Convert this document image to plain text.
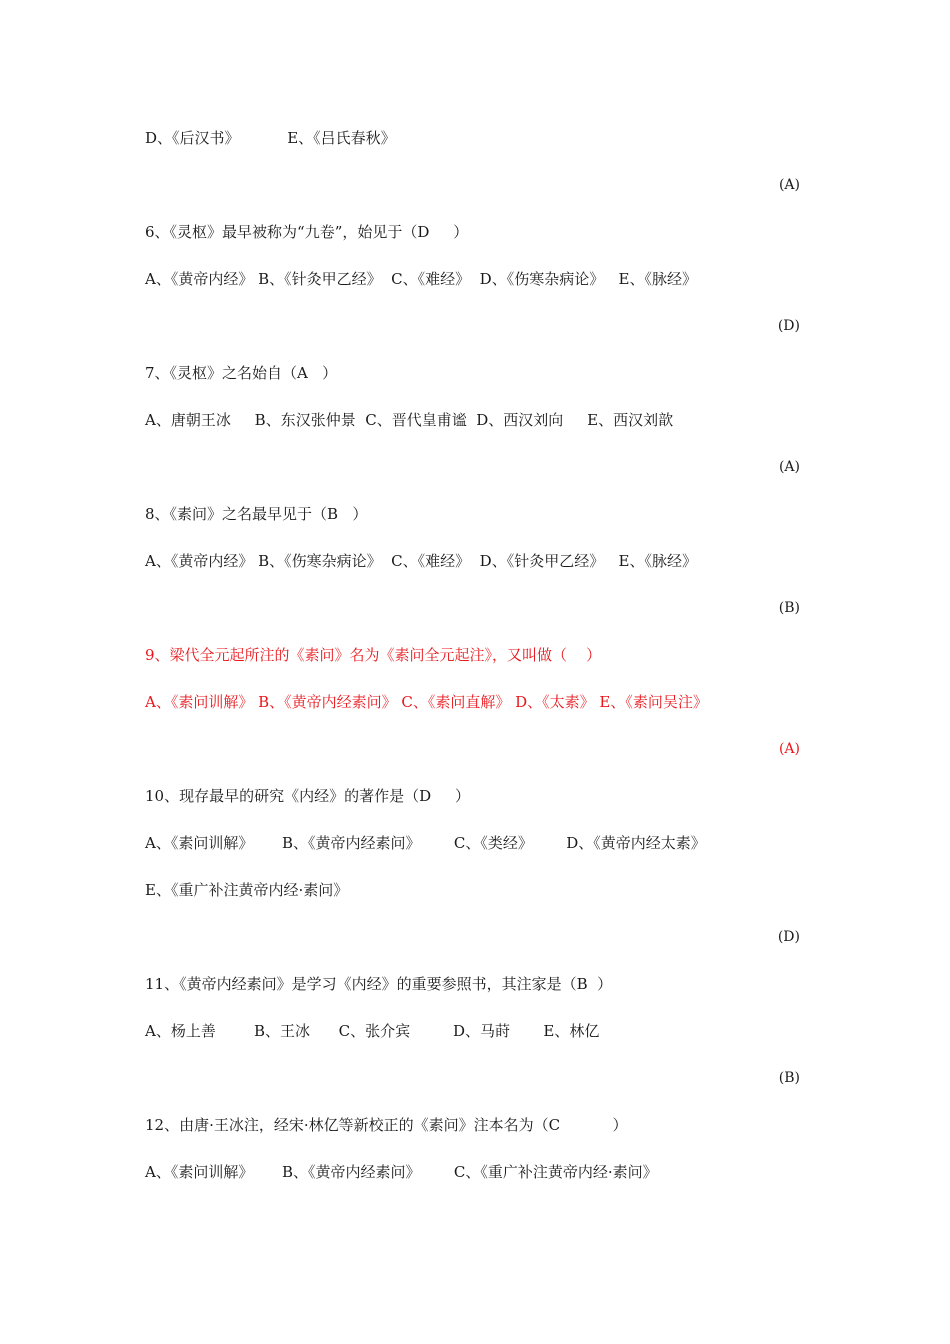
D、《后汉书》          E、《吕氏春秋》
(A)
6、《灵枢》最早被称为“九卷”，始见于（D     ）
A、《黄帝内经》 B、《针灸甲乙经》  C、《难经》  D、《伤寒杂病论》   E、《脉经》
(D)
7、《灵枢》之名始自（A   ）
A、唐朝王冰     B、东汉张仲景  C、晋代皇甫谧  D、西汉刘向     E、西汉刘歆
(A)
8、《素问》之名最早见于（B   ）
A、《黄帝内经》 B、《伤寒杂病论》  C、《难经》  D、《针灸甲乙经》   E、《脉经》
(B)
9、梁代全元起所注的《素问》名为《素问全元起注》，又叫做（    ）
A、《素问训解》 B、《黄帝内经素问》 C、《素问直解》 D、《太素》 E、《素问吴注》
(A)
10、现存最早的研究《内经》的著作是（D     ）
A、《素问训解》      B、《黄帝内经素问》       C、《类经》       D、《黄帝内经太素》
E、《重广补注黄帝内经·素问》
(D)
11、《黄帝内经素问》是学习《内经》的重要参照书，其注家是（B  ）
A、杨上善        B、王冰      C、张介宾         D、马莳       E、林亿
(B)
12、由唐·王冰注，经宋·林亿等新校正的《素问》注本名为（C           ）
A、《素问训解》      B、《黄帝内经素问》       C、《重广补注黄帝内经·素问》
